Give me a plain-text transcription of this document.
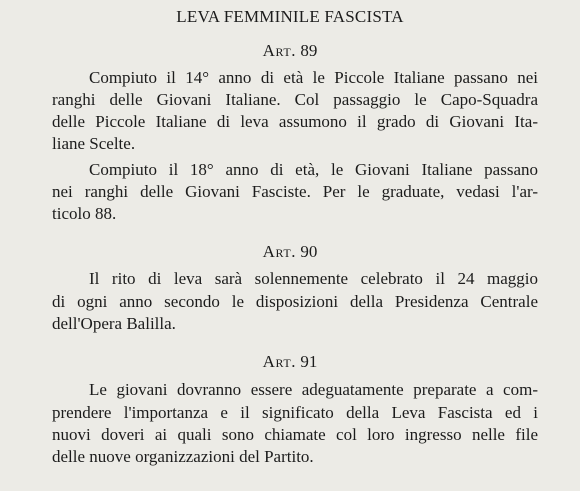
LEVA FEMMINILE FASCISTA
Art. 89
Compiuto il 14° anno di età le Piccole Italiane passano nei
ranghi delle Giovani Italiane. Col passaggio le Capo-Squadra
delle Piccole Italiane di leva assumono il grado di Giovani Ita-
liane Scelte.
Compiuto il 18° anno di età, le Giovani Italiane passano
nei ranghi delle Giovani Fasciste. Per le graduate, vedasi l'ar-
ticolo 88.
Art. 90
Il rito di leva sarà solennemente celebrato il 24 maggio
di ogni anno secondo le disposizioni della Presidenza Centrale
dell'Opera Balilla.
Art. 91
Le giovani dovranno essere adeguatamente preparate a com-
prendere l'importanza e il significato della Leva Fascista ed i
nuovi doveri ai quali sono chiamate col loro ingresso nelle file
delle nuove organizzazioni del Partito.
